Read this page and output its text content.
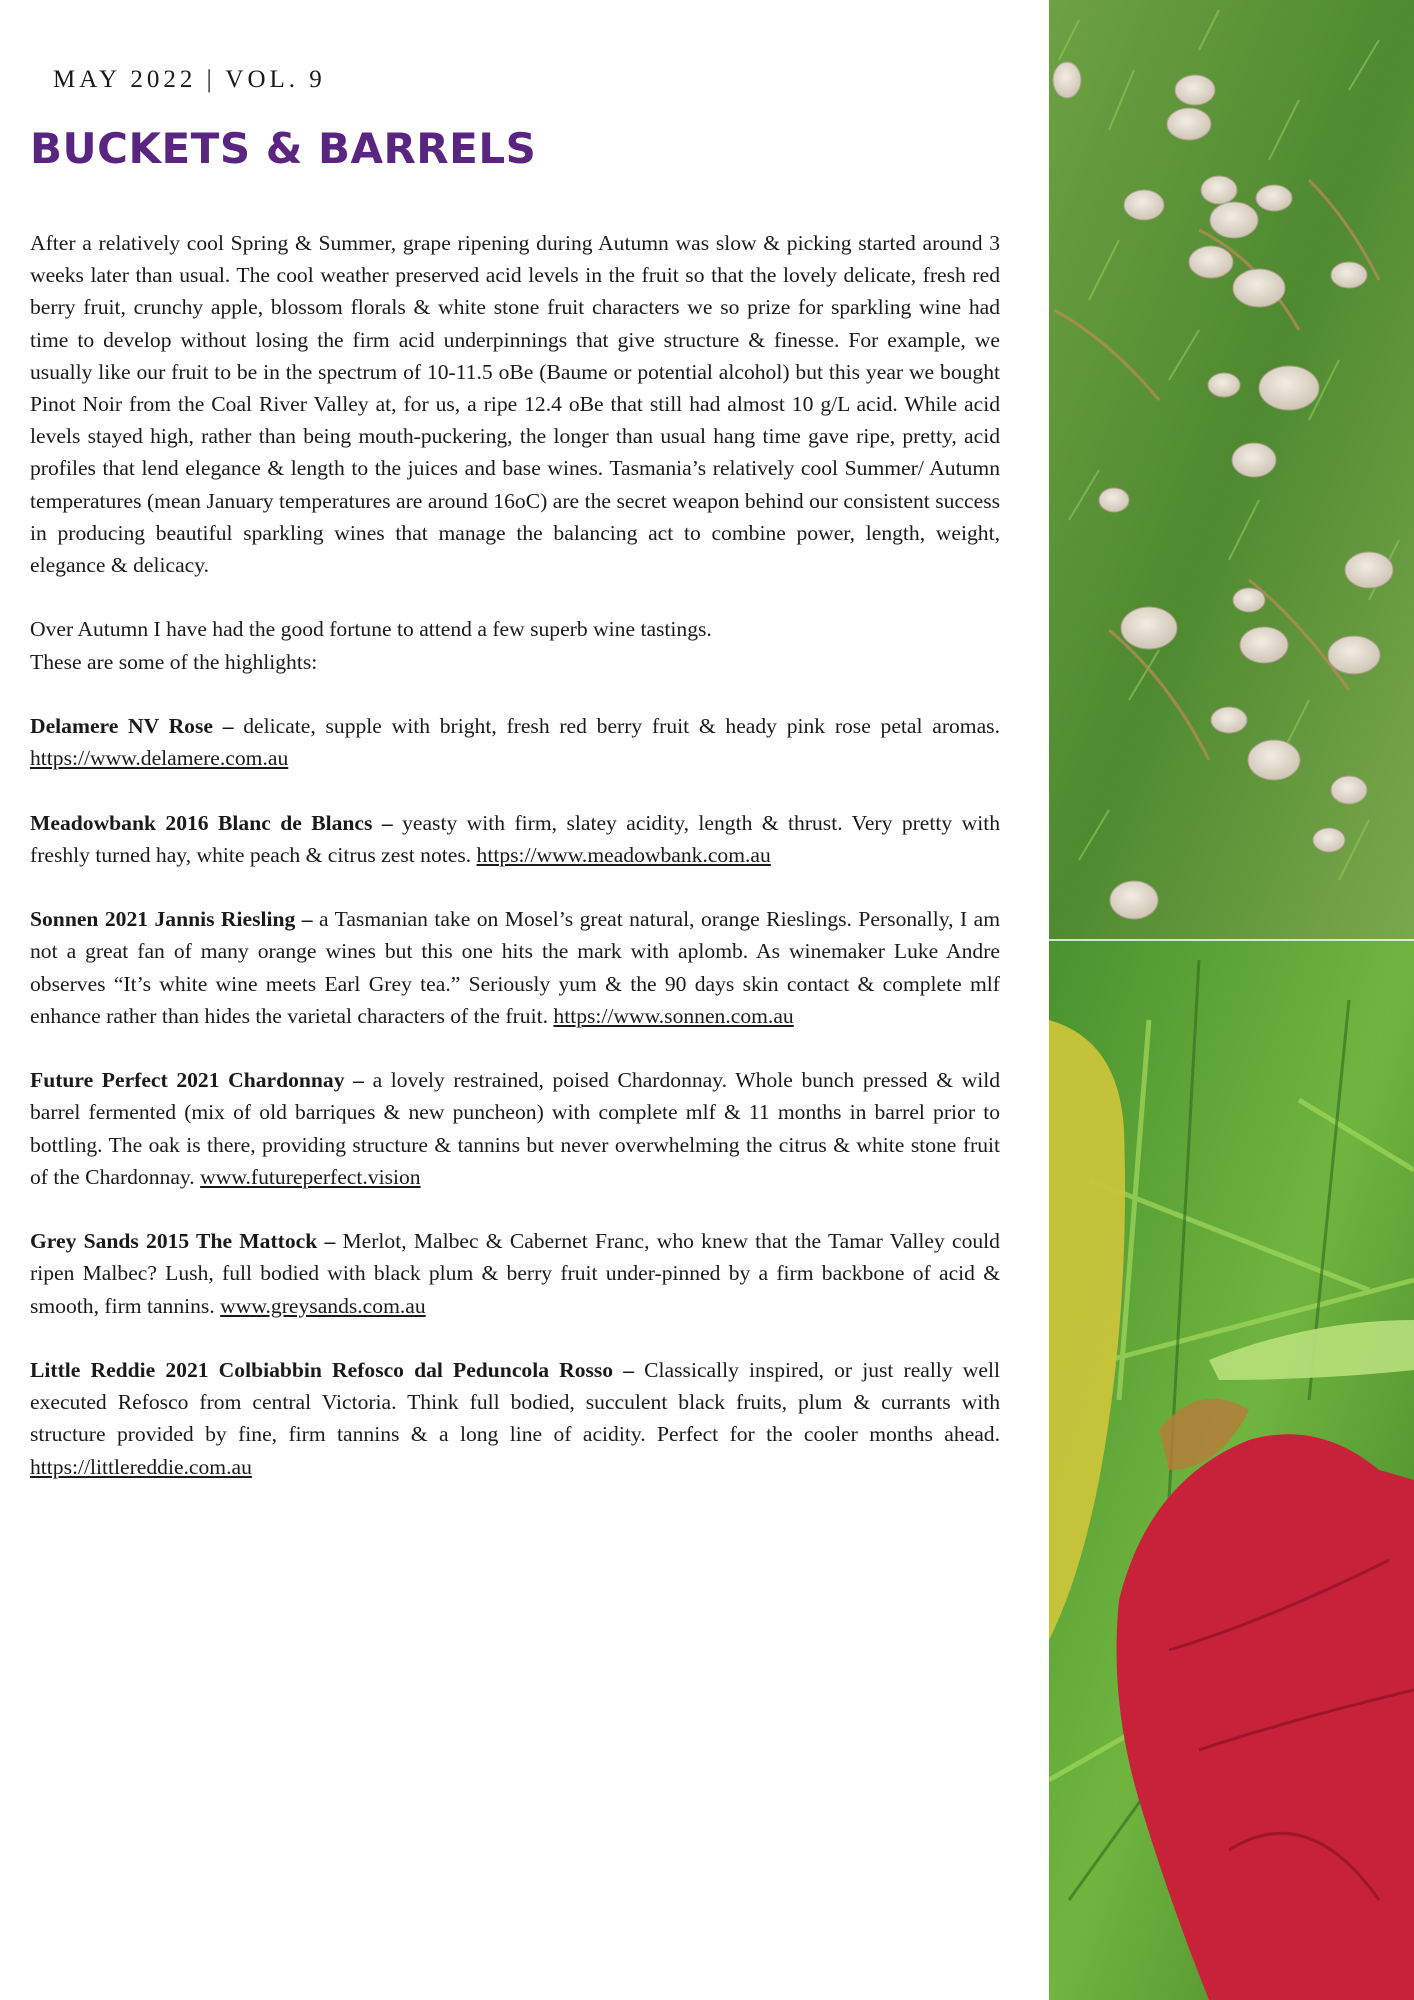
MAY 2022 | VOL. 9
BUCKETS & BARRELS

After a relatively cool Spring & Summer, grape ripening during Autumn was slow & picking started around 3 weeks later than usual. The cool weather preserved acid levels in the fruit so that the lovely delicate, fresh red berry fruit, crunchy apple, blossom florals & white stone fruit characters we so prize for sparkling wine had time to develop without losing the firm acid underpinnings that give structure & finesse. For example, we usually like our fruit to be in the spectrum of 10-11.5 oBe (Baume or potential alcohol) but this year we bought Pinot Noir from the Coal River Valley at, for us, a ripe 12.4 oBe that still had almost 10 g/L acid. While acid levels stayed high, rather than being mouth-puckering, the longer than usual hang time gave ripe, pretty, acid profiles that lend elegance & length to the juices and base wines. Tasmania’s relatively cool Summer/ Autumn temperatures (mean January temperatures are around 16oC) are the secret weapon behind our consistent success in producing beautiful sparkling wines that manage the balancing act to combine power, length, weight, elegance & delicacy.

Over Autumn I have had the good fortune to attend a few superb wine tastings.
These are some of the highlights:

Delamere NV Rose – delicate, supple with bright, fresh red berry fruit & heady pink rose petal aromas. https://www.delamere.com.au

Meadowbank 2016 Blanc de Blancs – yeasty with firm, slatey acidity, length & thrust. Very pretty with freshly turned hay, white peach & citrus zest notes. https://www.meadowbank.com.au

Sonnen 2021 Jannis Riesling – a Tasmanian take on Mosel’s great natural, orange Rieslings. Personally, I am not a great fan of many orange wines but this one hits the mark with aplomb. As winemaker Luke Andre observes “It’s white wine meets Earl Grey tea.” Seriously yum & the 90 days skin contact & complete mlf enhance rather than hides the varietal characters of the fruit. https://www.sonnen.com.au

Future Perfect 2021 Chardonnay – a lovely restrained, poised Chardonnay. Whole bunch pressed & wild barrel fermented (mix of old barriques & new puncheon) with complete mlf & 11 months in barrel prior to bottling. The oak is there, providing structure & tannins but never overwhelming the citrus & white stone fruit of the Chardonnay. www.futureperfect.vision

Grey Sands 2015 The Mattock – Merlot, Malbec & Cabernet Franc, who knew that the Tamar Valley could ripen Malbec? Lush, full bodied with black plum & berry fruit under-pinned by a firm backbone of acid & smooth, firm tannins. www.greysands.com.au

Little Reddie 2021 Colbiabbin Refosco dal Peduncola Rosso – Classically inspired, or just really well executed Refosco from central Victoria. Think full bodied, succulent black fruits, plum & currants with structure provided by fine, firm tannins & a long line of acidity. Perfect for the cooler months ahead. https://littlereddie.com.au
